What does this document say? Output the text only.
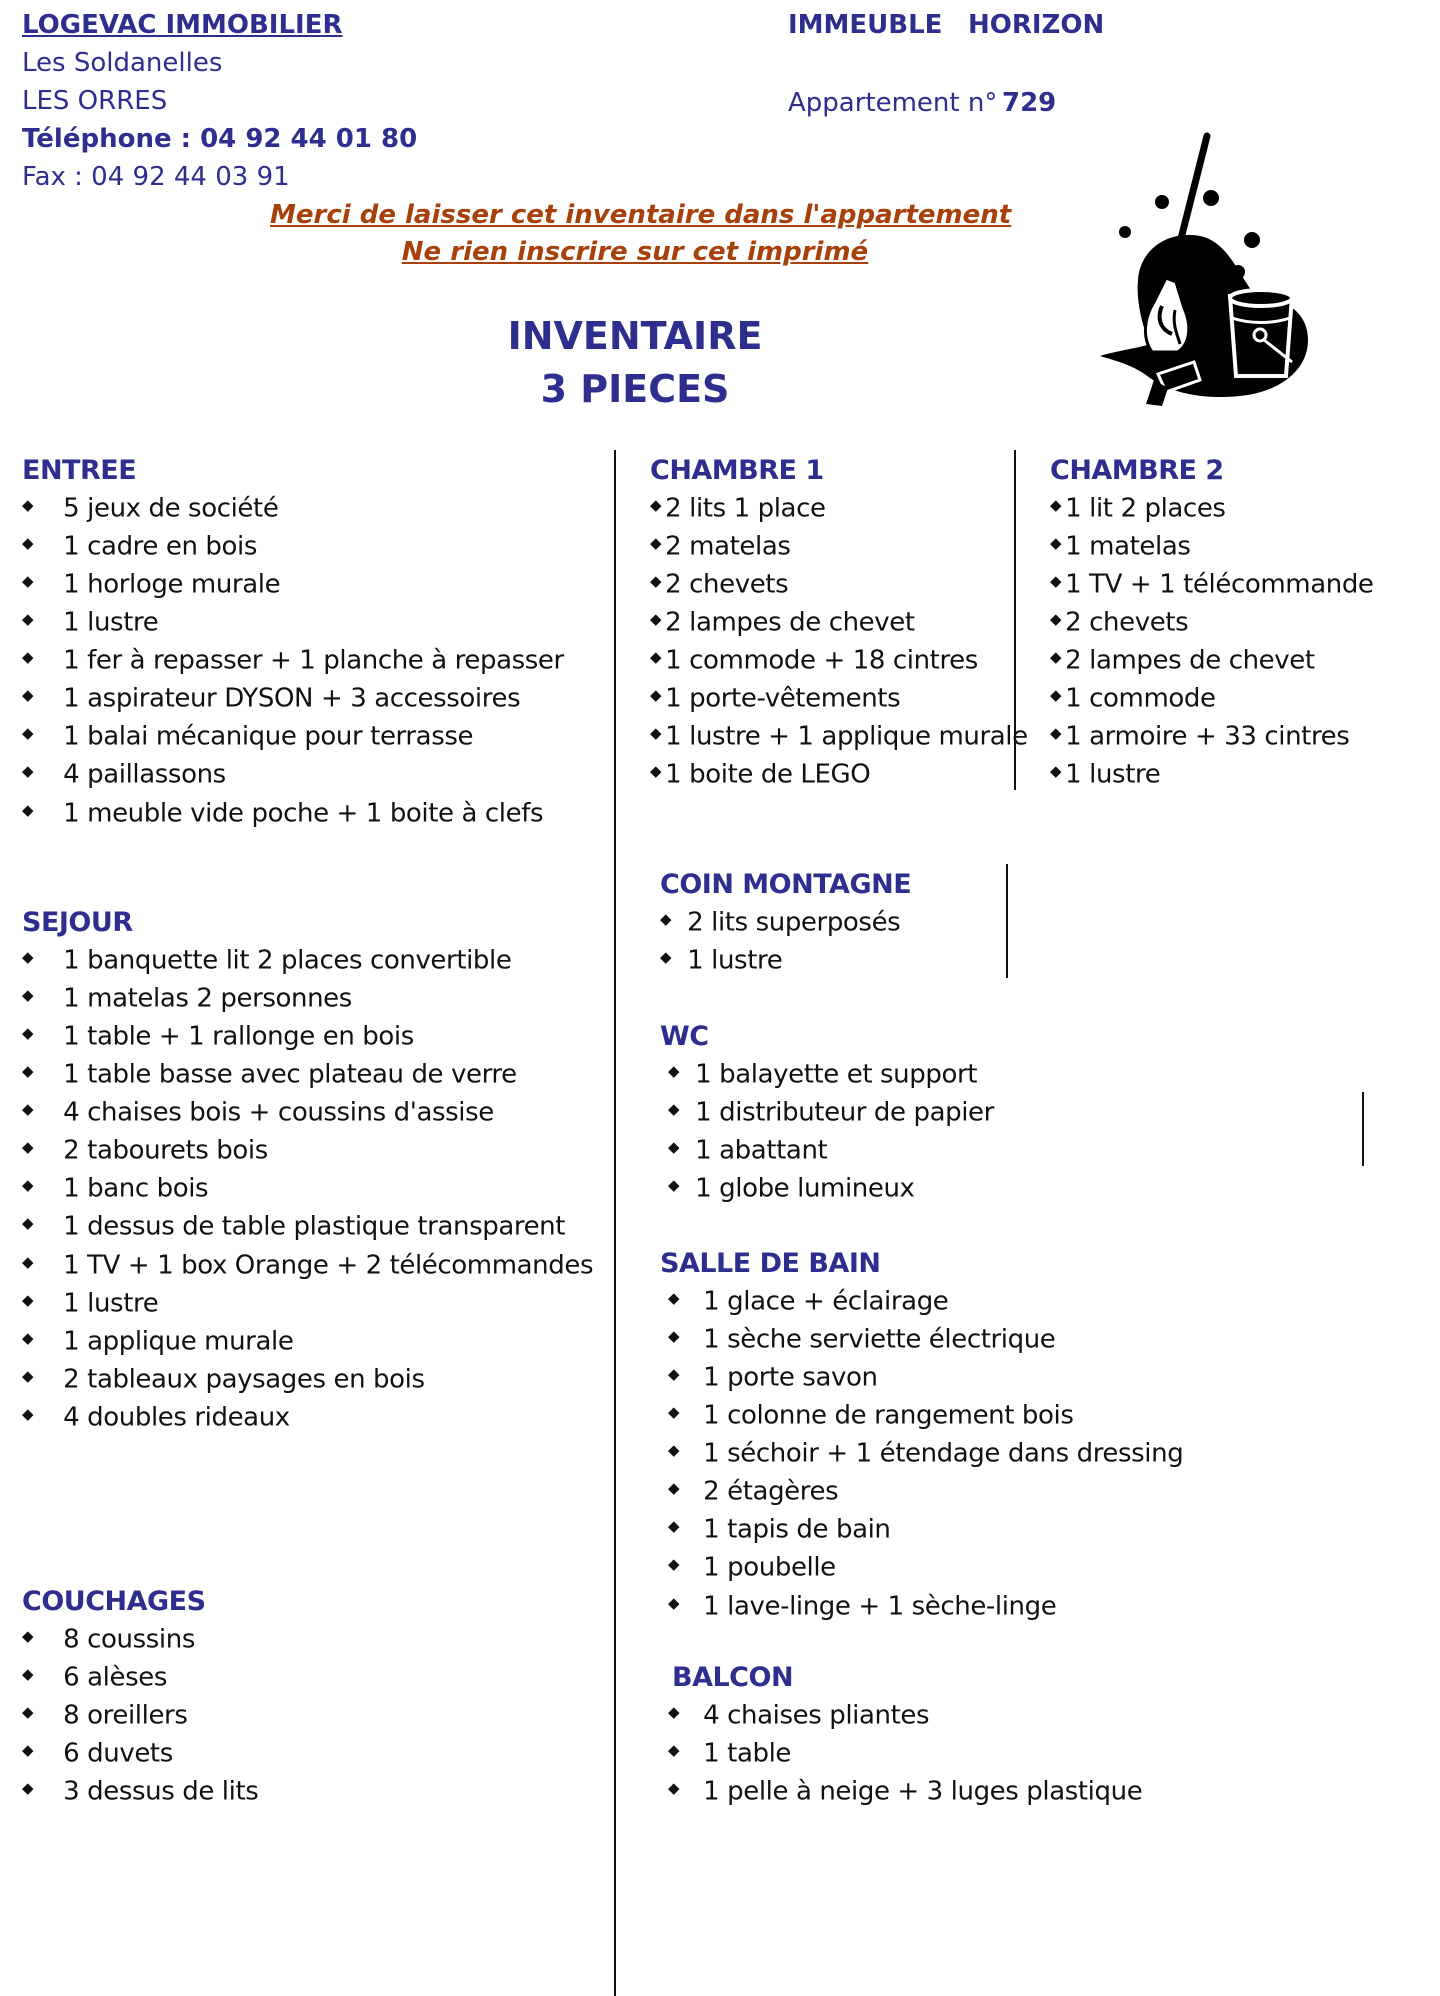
LOGEVAC IMMOBILIER
Les Soldanelles
LES ORRES
Téléphone : 04 92 44 01 80
Fax : 04 92 44 03 91
IMMEUBLE HORIZON
Appartement n° 729
Merci de laisser cet inventaire dans l'appartement
Ne rien inscrire sur cet imprimé
INVENTAIRE
3 PIECES
ENTREE
◆ 5 jeux de société
◆ 1 cadre en bois
◆ 1 horloge murale
◆ 1 lustre
◆ 1 fer à repasser + 1 planche à repasser
◆ 1 aspirateur DYSON + 3 accessoires
◆ 1 balai mécanique pour terrasse
◆ 4 paillassons
◆ 1 meuble vide poche + 1 boite à clefs
SEJOUR
◆ 1 banquette lit 2 places convertible
◆ 1 matelas 2 personnes
◆ 1 table + 1 rallonge en bois
◆ 1 table basse avec plateau de verre
◆ 4 chaises bois + coussins d'assise
◆ 2 tabourets bois
◆ 1 banc bois
◆ 1 dessus de table plastique transparent
◆ 1 TV + 1 box Orange + 2 télécommandes
◆ 1 lustre
◆ 1 applique murale
◆ 2 tableaux paysages en bois
◆ 4 doubles rideaux
COUCHAGES
◆ 8 coussins
◆ 6 alèses
◆ 8 oreillers
◆ 6 duvets
◆ 3 dessus de lits
CHAMBRE 1
◆ 2 lits 1 place
◆ 2 matelas
◆ 2 chevets
◆ 2 lampes de chevet
◆ 1 commode + 18 cintres
◆ 1 porte-vêtements
◆ 1 lustre + 1 applique murale
◆ 1 boite de LEGO
CHAMBRE 2
◆ 1 lit 2 places
◆ 1 matelas
◆ 1 TV + 1 télécommande
◆ 2 chevets
◆ 2 lampes de chevet
◆ 1 commode
◆ 1 armoire + 33 cintres
◆ 1 lustre
COIN MONTAGNE
◆ 2 lits superposés
◆ 1 lustre
WC
◆ 1 balayette et support
◆ 1 distributeur de papier
◆ 1 abattant
◆ 1 globe lumineux
SALLE DE BAIN
◆ 1 glace + éclairage
◆ 1 sèche serviette électrique
◆ 1 porte savon
◆ 1 colonne de rangement bois
◆ 1 séchoir + 1 étendage dans dressing
◆ 2 étagères
◆ 1 tapis de bain
◆ 1 poubelle
◆ 1 lave-linge + 1 sèche-linge
BALCON
◆ 4 chaises pliantes
◆ 1 table
◆ 1 pelle à neige + 3 luges plastique
